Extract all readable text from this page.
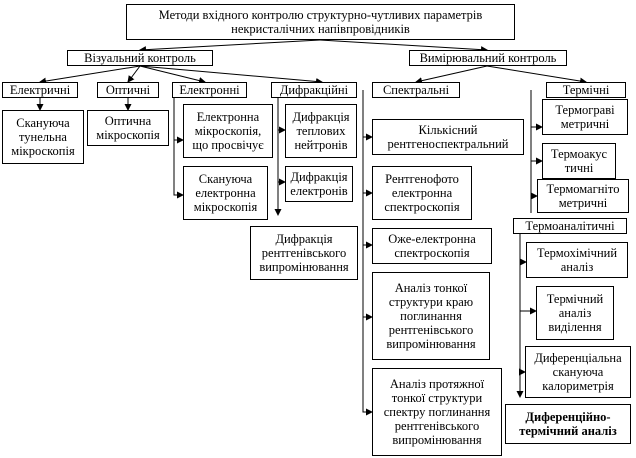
Методи вхідного контролю структурно-чутливих параметрів
некристалічних напівпровідників
Візуальний контроль	Вимірювальний контроль
Електричні	Оптичні	Електронні	Дифракційні	Спектральні	Термічні
Скануюча
тунельна
мікроскопія
Оптична
мікроскопія
Електронна
мікроскопія,
що просвічує
Скануюча
електронна
мікроскопія
Дифракція
теплових
нейтронів
Дифракція
електронів
Дифракція
рентгенівського
випромінювання
Кількісний
рентгеноспектральний
Рентгенофото
електронна
спектроскопія
Оже-електронна
спектроскопія
Аналіз тонкої
структури краю
поглинання
рентгенівського
випромінювання
Аналіз протяжної
тонкої структури
спектру поглинання
рентгенівського
випромінювання
Термограві
метричні
Термоакус
тичні
Термомагніто
метричні
Термоаналітичні
Термохімічний
аналіз
Термічний
аналіз
виділення
Диференціальна
скануюча
калориметрія
Диференційно-
термічний аналіз
